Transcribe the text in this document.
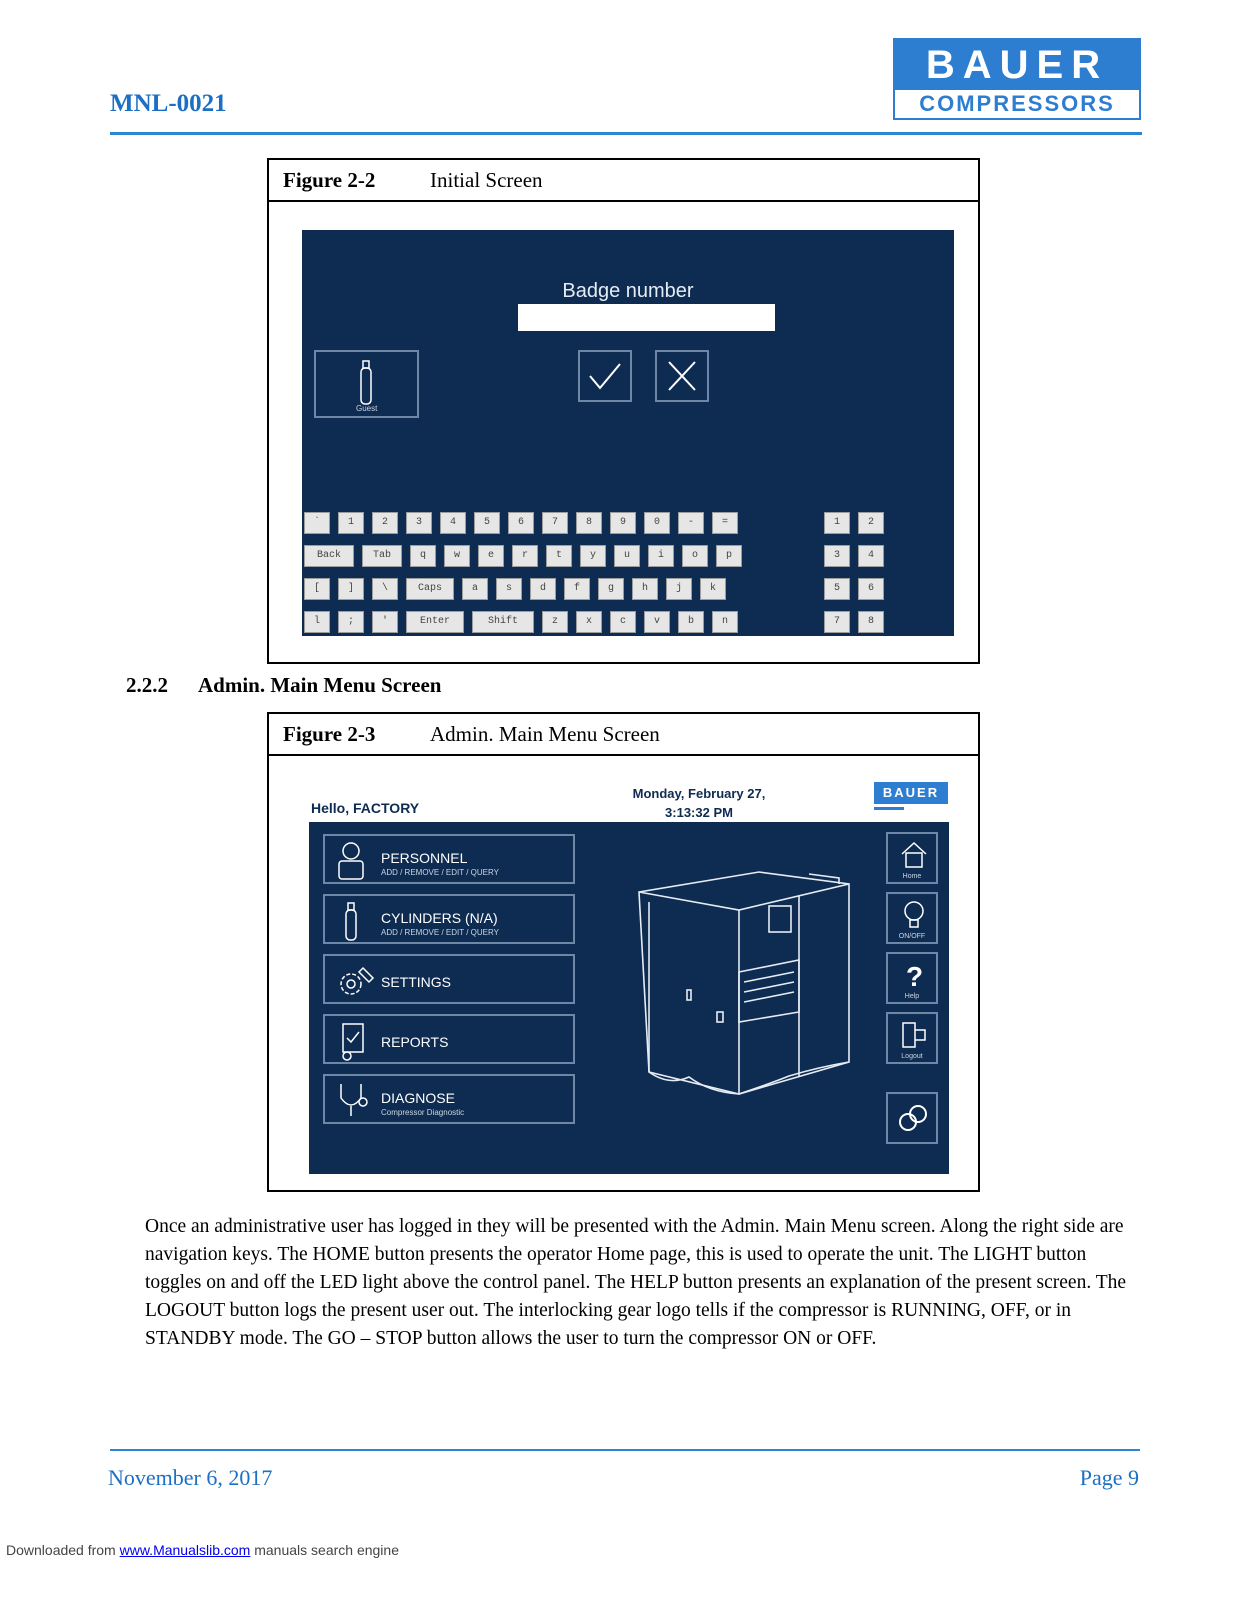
MNL-0021
BAUER
COMPRESSORS
Figure 2-2	Initial Screen
Badge number
Guest
`	1	2	3	4	5	6	7	8	9	0	-	=
Back	Tab	q	w	e	r	t	y	u	i	o	p
[	]	\	Caps	a	s	d	f	g	h	j	k
l	;	'	Enter	Shift	z	x	c	v	b	n
1	2
3	4
5	6
7	8
2.2.2 Admin. Main Menu Screen
Figure 2-3	Admin. Main Menu Screen
Hello, FACTORY
Monday, February 27,
3:13:32 PM
BAUER
PERSONNEL
ADD / REMOVE / EDIT / QUERY
CYLINDERS (N/A)
ADD / REMOVE / EDIT / QUERY
SETTINGS
REPORTS
DIAGNOSE
Compressor Diagnostic
Home
ON/OFF
?
Help
Logout

Once an administrative user has logged in they will be presented with the Admin. Main Menu screen. Along the right side are navigation keys. The HOME button presents the operator Home page, this is used to operate the unit. The LIGHT button toggles on and off the LED light above the control panel. The HELP button presents an explanation of the present screen. The LOGOUT button logs the present user out. The interlocking gear logo tells if the compressor is RUNNING, OFF, or in STANDBY mode. The GO – STOP button allows the user to turn the compressor ON or OFF.

November 6, 2017	Page 9
Downloaded from www.Manualslib.com manuals search engine
